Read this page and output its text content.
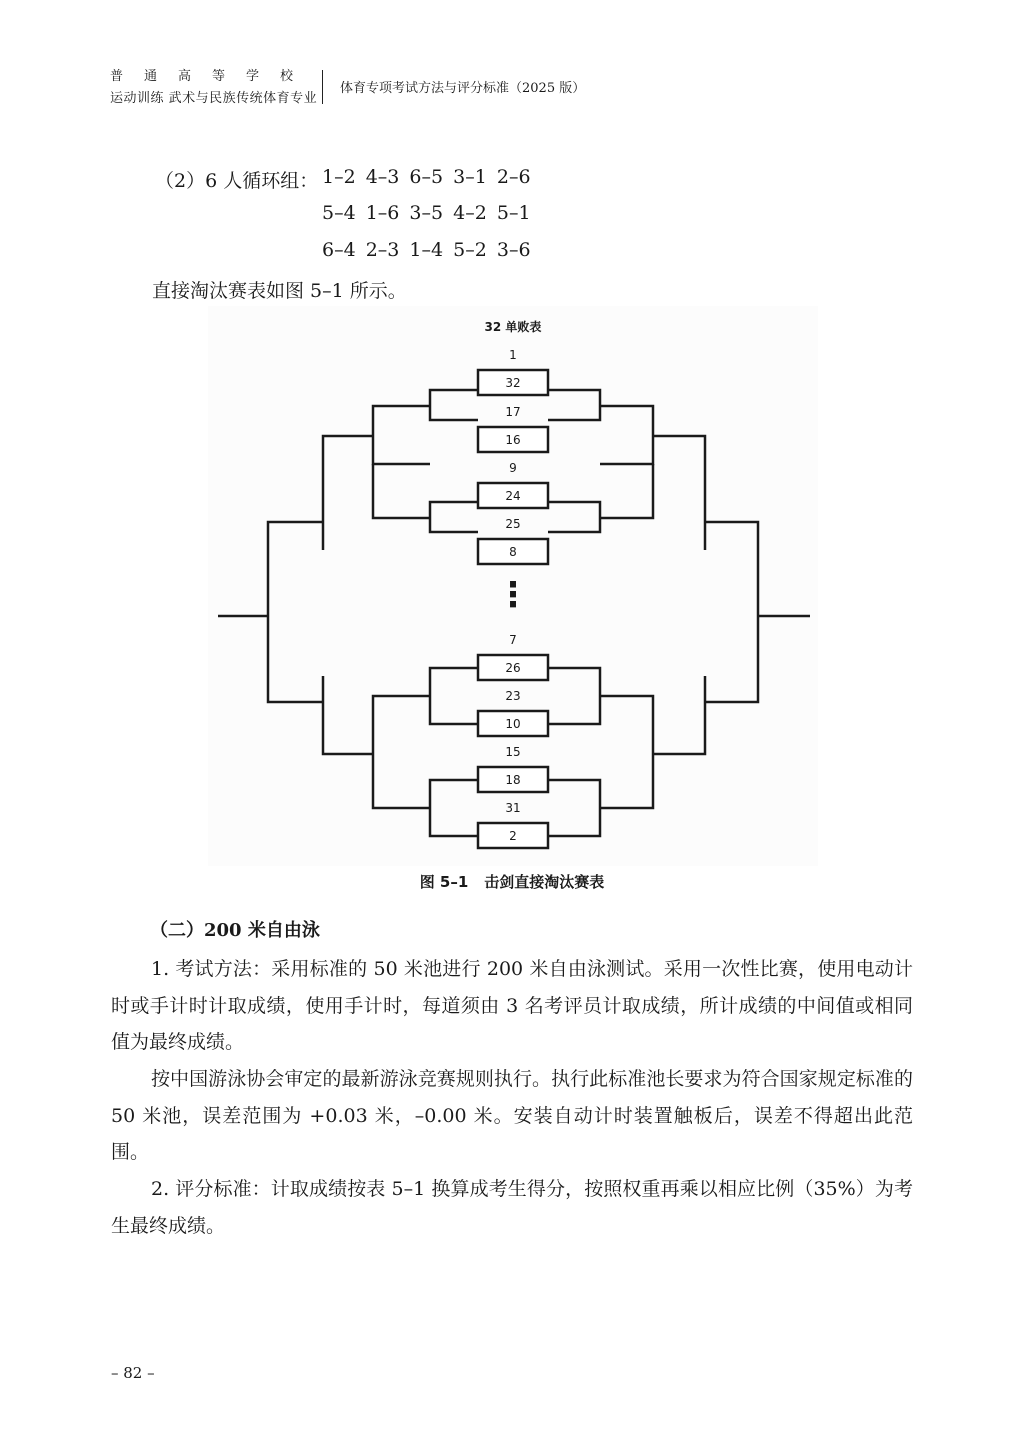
普通高等学校
运动训练 武术与民族传统体育专业
体育专项考试方法与评分标准（2025 版）
（2）6 人循环组： 1–2 4–3 6–5 3–1 2–6
5–4 1–6 3–5 4–2 5–1
6–4 2–3 1–4 5–2 3–6
直接淘汰赛表如图 5–1 所示。
32 单败表
1
32
17
16
9
24
25
8
⋮
7
26
23
10
15
18
31
2
图 5–1 击剑直接淘汰赛表
（二）200 米自由泳

1. 考试方法：采用标准的 50 米池进行 200 米自由泳测试。采用一次性比赛，使用电动计时或手计时计取成绩，使用手计时，每道须由 3 名考评员计取成绩，所计成绩的中间值或相同值为最终成绩。

按中国游泳协会审定的最新游泳竞赛规则执行。执行此标准池长要求为符合国家规定标准的 50 米池，误差范围为 +0.03 米，–0.00 米。安装自动计时装置触板后，误差不得超出此范围。

2. 评分标准：计取成绩按表 5–1 换算成考生得分，按照权重再乘以相应比例（35%）为考生最终成绩。

– 82 –
